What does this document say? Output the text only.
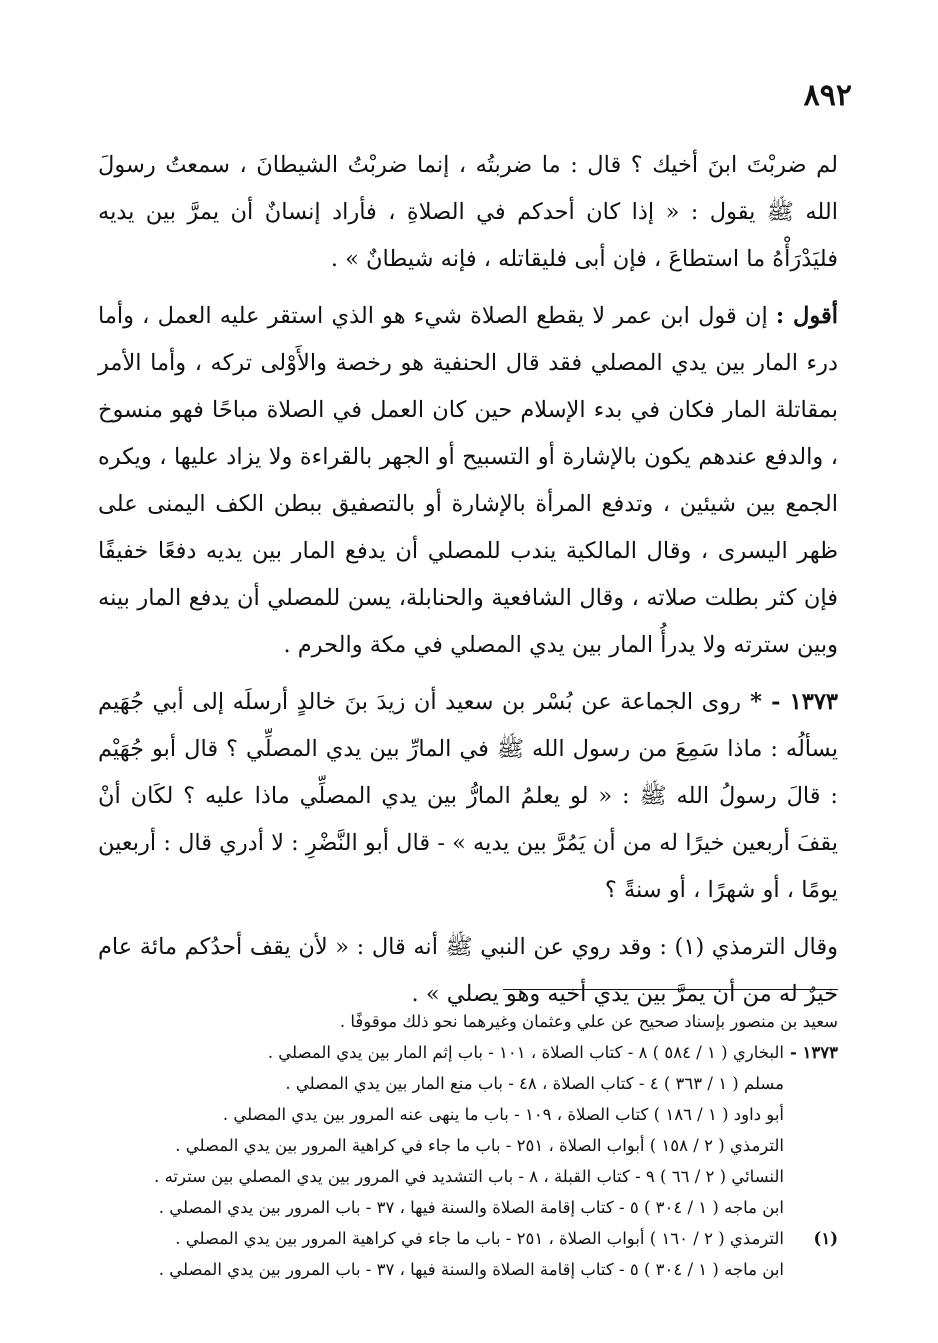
٨٩٢

لم ضربْتَ ابنَ أخيك ؟ قال : ما ضربتُه ، إنما ضربْتُ الشيطانَ ، سمعتُ رسولَ الله ﷺ يقول : « إذا كان أحدكم في الصلاةِ ، فأراد إنسانٌ أن يمرَّ بين يديه فليَدْرَأْهُ ما استطاعَ ، فإن أبى فليقاتله ، فإنه شيطانٌ » .

أقول : إن قول ابن عمر لا يقطع الصلاة شيء هو الذي استقر عليه العمل ، وأما درء المار بين يدي المصلي فقد قال الحنفية هو رخصة والأَوْلى تركه ، وأما الأمر بمقاتلة المار فكان في بدء الإسلام حين كان العمل في الصلاة مباحًا فهو منسوخ ، والدفع عندهم يكون بالإشارة أو التسبيح أو الجهر بالقراءة ولا يزاد عليها ، ويكره الجمع بين شيئين ، وتدفع المرأة بالإشارة أو بالتصفيق ببطن الكف اليمنى على ظهر اليسرى ، وقال المالكية يندب للمصلي أن يدفع المار بين يديه دفعًا خفيفًا فإن كثر بطلت صلاته ، وقال الشافعية والحنابلة، يسن للمصلي أن يدفع المار بينه وبين سترته ولا يدرأُ المار بين يدي المصلي في مكة والحرم .

١٣٧٣ - * روى الجماعة عن بُسْر بن سعيد أن زيدَ بنَ خالدٍ أرسلَه إلى أبي جُهَيم يسألُه : ماذا سَمِعَ من رسول الله ﷺ في المارِّ بين يدي المصلِّي ؟ قال أبو جُهَيْم : قالَ رسولُ الله ﷺ : « لو يعلمُ المارُّ بين يدي المصلِّي ماذا عليه ؟ لكَان أنْ يقفَ أربعين خيرًا له من أن يَمُرَّ بين يديه » - قال أبو النَّضْرِ : لا أدري قال : أربعين يومًا ، أو شهرًا ، أو سنةً ؟

وقال الترمذي (١) : وقد روي عن النبي ﷺ أنه قال : « لأن يقف أحدُكم مائة عام خيرٌ له من أن يمرَّ بين يدي أخيه وهو يصلي » .

سعيد بن منصور بإسناد صحيح عن علي وعثمان وغيرهما نحو ذلك موقوفًا .
١٣٧٣ -البخاري ( ١ / ٥٨٤ ) ٨ - كتاب الصلاة ، ١٠١ - باب إثم المار بين يدي المصلي .
مسلم ( ١ / ٣٦٣ ) ٤ - كتاب الصلاة ، ٤٨ - باب منع المار بين يدي المصلي .
أبو داود ( ١ / ١٨٦ ) كتاب الصلاة ، ١٠٩ - باب ما ينهى عنه المرور بين يدي المصلي .
الترمذي ( ٢ / ١٥٨ ) أبواب الصلاة ، ٢٥١ - باب ما جاء في كراهية المرور بين يدي المصلي .
النسائي ( ٢ / ٦٦ ) ٩ - كتاب القبلة ، ٨ - باب التشديد في المرور بين يدي المصلي بين سترته .
ابن ماجه ( ١ / ٣٠٤ ) ٥ - كتاب إقامة الصلاة والسنة فيها ، ٣٧ - باب المرور بين يدي المصلي .
(١)الترمذي ( ٢ / ١٦٠ ) أبواب الصلاة ، ٢٥١ - باب ما جاء في كراهية المرور بين يدي المصلي .
ابن ماجه ( ١ / ٣٠٤ ) ٥ - كتاب إقامة الصلاة والسنة فيها ، ٣٧ - باب المرور بين يدي المصلي .
